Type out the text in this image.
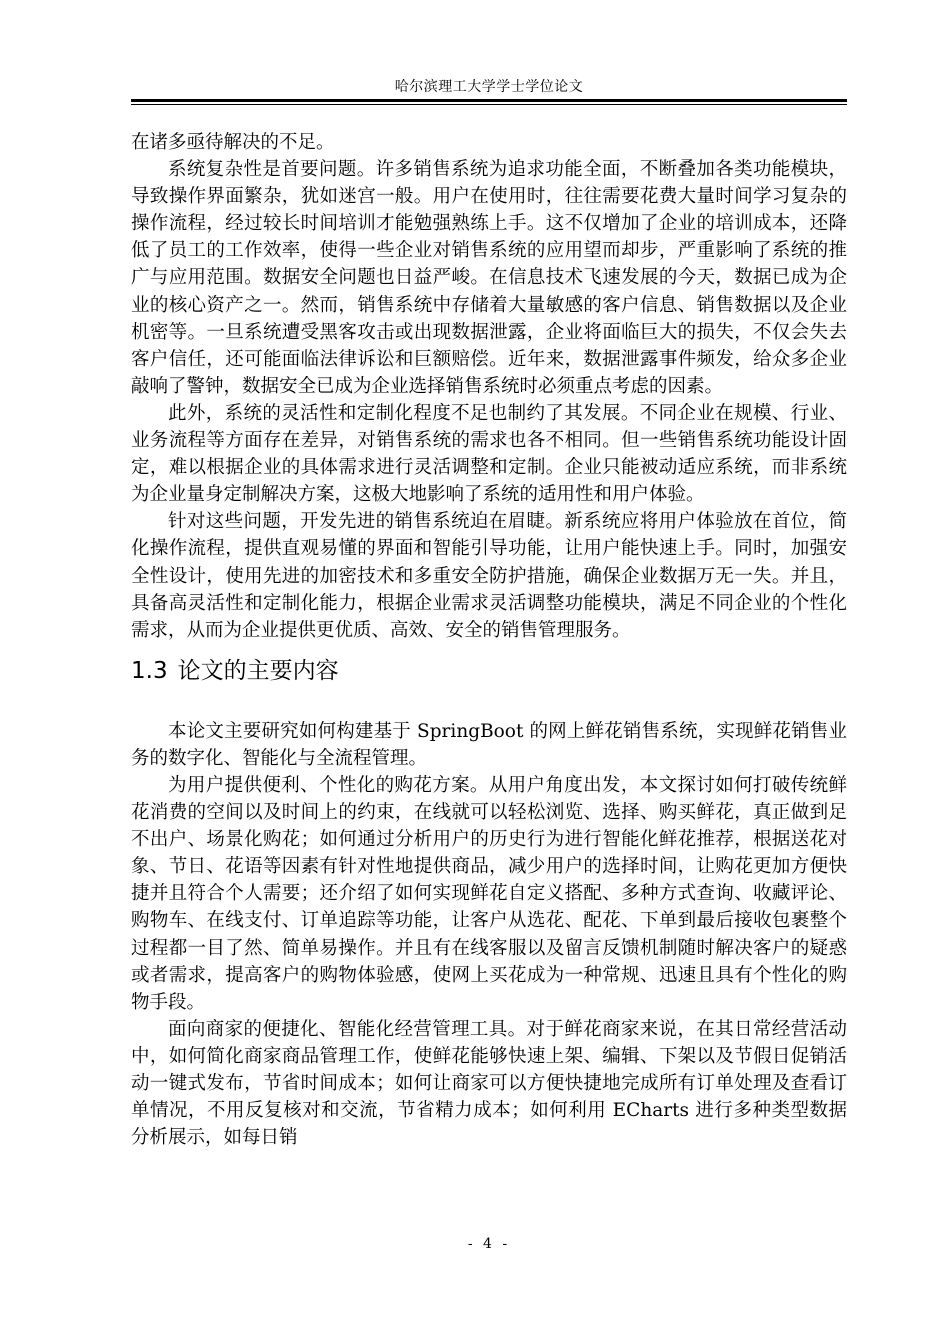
哈尔滨理工大学学士学位论文

在诸多亟待解决的不足。

系统复杂性是首要问题。许多销售系统为追求功能全面，不断叠加各类功能模块，导致操作界面繁杂，犹如迷宫一般。用户在使用时，往往需要花费大量时间学习复杂的操作流程，经过较长时间培训才能勉强熟练上手。这不仅增加了企业的培训成本，还降低了员工的工作效率，使得一些企业对销售系统的应用望而却步，严重影响了系统的推广与应用范围。数据安全问题也日益严峻。在信息技术飞速发展的今天，数据已成为企业的核心资产之一。然而，销售系统中存储着大量敏感的客户信息、销售数据以及企业机密等。一旦系统遭受黑客攻击或出现数据泄露，企业将面临巨大的损失，不仅会失去客户信任，还可能面临法律诉讼和巨额赔偿。近年来，数据泄露事件频发，给众多企业敲响了警钟，数据安全已成为企业选择销售系统时必须重点考虑的因素。

此外，系统的灵活性和定制化程度不足也制约了其发展。不同企业在规模、行业、业务流程等方面存在差异，对销售系统的需求也各不相同。但一些销售系统功能设计固定，难以根据企业的具体需求进行灵活调整和定制。企业只能被动适应系统，而非系统为企业量身定制解决方案，这极大地影响了系统的适用性和用户体验。

针对这些问题，开发先进的销售系统迫在眉睫。新系统应将用户体验放在首位，简化操作流程，提供直观易懂的界面和智能引导功能，让用户能快速上手。同时，加强安全性设计，使用先进的加密技术和多重安全防护措施，确保企业数据万无一失。并且，具备高灵活性和定制化能力，根据企业需求灵活调整功能模块，满足不同企业的个性化需求，从而为企业提供更优质、高效、安全的销售管理服务。

1.3 论文的主要内容

本论文主要研究如何构建基于 SpringBoot 的网上鲜花销售系统，实现鲜花销售业务的数字化、智能化与全流程管理。

为用户提供便利、个性化的购花方案。从用户角度出发，本文探讨如何打破传统鲜花消费的空间以及时间上的约束，在线就可以轻松浏览、选择、购买鲜花，真正做到足不出户、场景化购花；如何通过分析用户的历史行为进行智能化鲜花推荐，根据送花对象、节日、花语等因素有针对性地提供商品，减少用户的选择时间，让购花更加方便快捷并且符合个人需要；还介绍了如何实现鲜花自定义搭配、多种方式查询、收藏评论、购物车、在线支付、订单追踪等功能，让客户从选花、配花、下单到最后接收包裹整个过程都一目了然、简单易操作。并且有在线客服以及留言反馈机制随时解决客户的疑惑或者需求，提高客户的购物体验感，使网上买花成为一种常规、迅速且具有个性化的购物手段。

面向商家的便捷化、智能化经营管理工具。对于鲜花商家来说，在其日常经营活动中，如何简化商家商品管理工作，使鲜花能够快速上架、编辑、下架以及节假日促销活动一键式发布，节省时间成本；如何让商家可以方便快捷地完成所有订单处理及查看订单情况，不用反复核对和交流，节省精力成本；如何利用 ECharts 进行多种类型数据分析展示，如每日销

- 4 -
